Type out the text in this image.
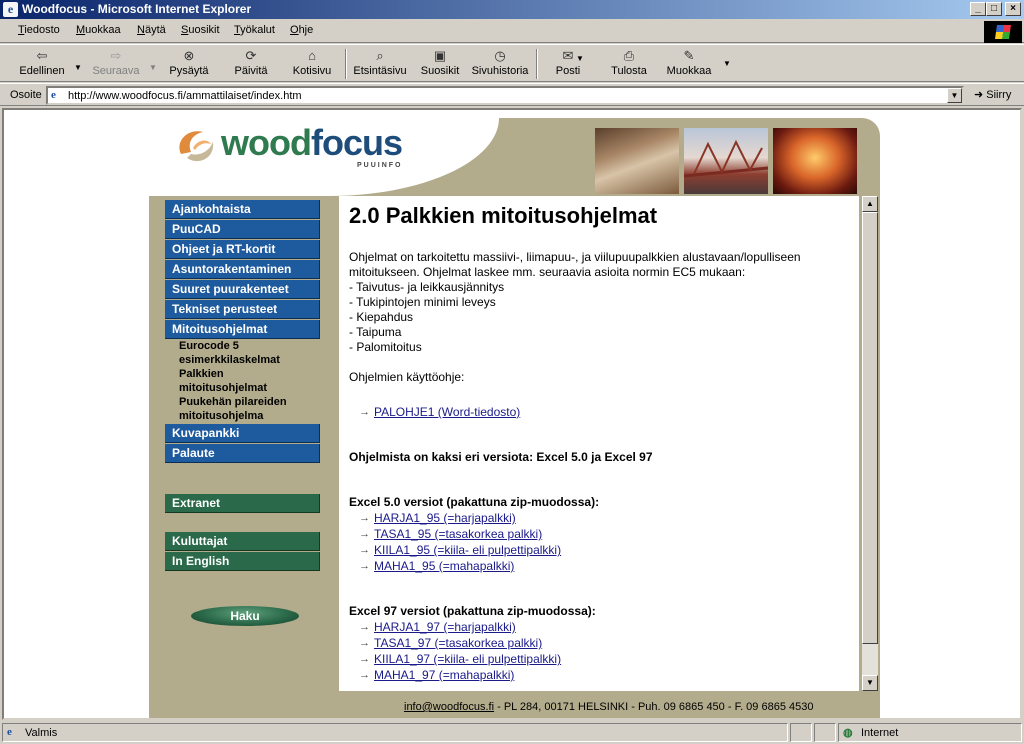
e Woodfocus - Microsoft Internet Explorer	_	□	×
Tiedosto Muokkaa Näytä Suosikit Työkalut Ohje
⇦
Edellinen	▼
⇨
Seuraava	▼
⊗
Pysäytä
⟳
Päivitä
⌂
Kotisivu
⌕
Etsintäsivu
▣
Suosikit
◷
Sivuhistoria
✉
Posti
▼	⎙
Tulosta
✎
Muokkaa
▼
Osoite e
http://www.woodfocus.fi/ammattilaiset/index.htm	▼	➜ Siirry
woodfocus
PUUINFO
Ajankohtaista
PuuCAD
Ohjeet ja RT-kortit
Asuntorakentaminen
Suuret puurakenteet
Tekniset perusteet
Mitoitusohjelmat
Eurocode 5
esimerkkilaskelmat
Palkkien
mitoitusohjelmat
Puukehän pilareiden
mitoitusohjelma
Kuvapankki
Palaute
Extranet
Kuluttajat
In English
Haku
2.0 Palkkien mitoitusohjelmat

Ohjelmat on tarkoitettu massiivi-, liimapuu-, ja viilupuupalkkien alustavaan/lopulliseen

mitoitukseen. Ohjelmat laskee mm. seuraavia asioita normin EC5 mukaan:

- Taivutus- ja leikkausjännitys

- Tukipintojen minimi leveys

- Kiepahdus

- Taipuma

- Palomitoitus

Ohjelmien käyttöohje:

→ PALOHJE1 (Word-tiedosto)

Ohjelmista on kaksi eri versiota: Excel 5.0 ja Excel 97

Excel 5.0 versiot (pakattuna zip-muodossa):

→ HARJA1_95 (=harjapalkki)
→ TASA1_95 (=tasakorkea palkki)
→ KIILA1_95 (=kiila- eli pulpettipalkki)
→ MAHA1_95 (=mahapalkki)

Excel 97 versiot (pakattuna zip-muodossa):

→ HARJA1_97 (=harjapalkki)
→ TASA1_97 (=tasakorkea palkki)
→ KIILA1_97 (=kiila- eli pulpettipalkki)
→ MAHA1_97 (=mahapalkki)
▲
▼
info@woodfocus.fi - PL 284, 00171 HELSINKI - Puh. 09 6865 450 - F. 09 6865 4530
e	Valmis	◍ Internet
